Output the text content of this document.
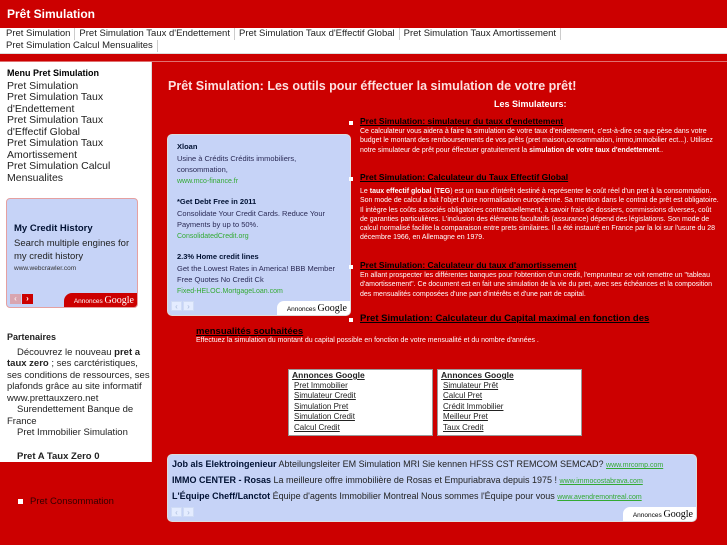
Prêt Simulation
Pret Simulation Pret Simulation Taux d'Endettement Pret Simulation Taux d'Effectif Global Pret Simulation Taux Amortissement
Pret Simulation Calcul Mensualites
Menu Pret Simulation
Pret Simulation
Pret Simulation Taux d'Endettement
Pret Simulation Taux d'Effectif Global
Pret Simulation Taux Amortissement
Pret Simulation Calcul Mensualites
My Credit History
Search multiple engines for my credit history
www.webcrawler.com
‹ ›	Annonces Google
Partenaires
Découvrez le nouveau pret a taux zero ; ses carctéristiques, ses conditions de ressources, ses plafonds grâce au site informatif www.prettauxzero.net
Surendettement Banque de France
Pret Immobilier Simulation
Pret A Taux Zero 0
Pret Consommation
Prêt Simulation: Les outils pour éffectuer la simulation de votre prêt!
Les Simulateurs:
Xloan
Usine à Crédits Crédits immobiliers, consommation,
www.mco-finance.fr
*Get Debt Free in 2011
Consolidate Your Credit Cards. Reduce Your Payments by up to 50%.
ConsolidatedCredit.org
2.3% Home credit lines
Get the Lowest Rates in America! BBB Member Free Quotes No Credit Ck
Fixed-HELOC.MortgageLoan.com
‹ ›	Annonces Google
Pret Simulation: simulateur du taux d'endettement
Ce calculateur vous aidera à faire la simulation de votre taux d'endettement, c'est-à-dire ce que pèse dans votre budget le montant des remboursements de vos prêts (pret maison,consommation, immo,immobilier ect...). Utilisez notre simulateur de prêt pour éffectuer gratuitement la simulation de votre taux d'endettement..
Pret Simulation: Calculateur du Taux Effectif Global
Le taux effectif global (TEG) est un taux d'intérêt destiné à représenter le coût réel d'un pret à la consommation. Son mode de calcul a fait l'objet d'une normalisation européenne. Sa mention dans le contrat de prêt est obligatoire. Il intègre les coûts associés obligatoires contractuellement, à savoir frais de dossiers, commissions diverses, coût de garanties particulières. L'inclusion des éléments facultatifs (assurance) dépend des législations. Son mode de calcul normalisé facilite la comparaison entre prets similaires. Il a été instauré en France par la loi sur l'usure du 28 décembre 1966, en Allemagne en 1979.
Pret Simulation: Calculateur du taux d'amortissement
En allant prospecter les différentes banques pour l'obtention d'un credit, l'emprunteur se voit remettre un "tableau d'amortissement". Ce document est en fait une simulation de la vie du pret, avec ses échéances et la composition des mensualités composées d'une part d'intérêts et d'une part de capital.
Pret Simulation: Calculateur du Capital maximal en fonction des
mensualités souhaitées
Effectuez la simulation du montant du capital possible en fonction de votre mensualité et du nombre d'années .
Annonces Google
Pret Immobilier
Simulateur Credit
Simulation Pret
Simulation Credit
Calcul Credit
Annonces Google
Simulateur Prêt
Calcul Pret
Crédit Immobilier
Meilleur Pret
Taux Credit
Job als Elektroingenieur Abteilungsleiter EM Simulation MRI Sie kennen HFSS CST REMCOM SEMCAD? www.mrcomp.com
IMMO CENTER - Rosas La meilleure offre immobilière de Rosas et Empuriabrava depuis 1975 ! www.immocostabrava.com
L'Équipe Cheff/Lanctot Équipe d'agents Immobilier Montreal Nous sommes l'Équipe pour vous www.avendremontreal.com
‹ ›	Annonces Google
